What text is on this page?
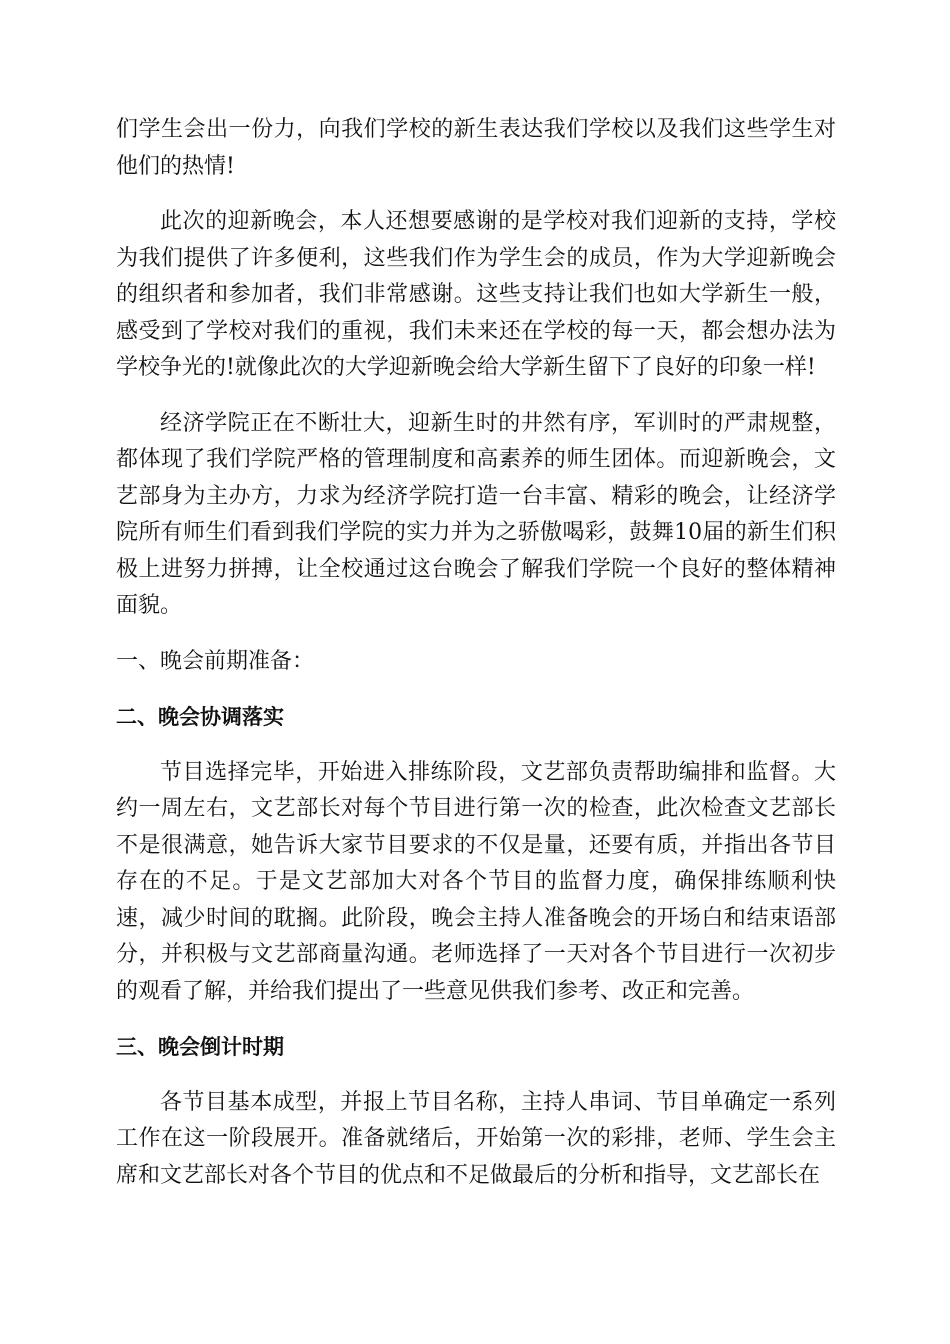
们学生会出一份力，向我们学校的新生表达我们学校以及我们这些学生对他们的热情!

此次的迎新晚会，本人还想要感谢的是学校对我们迎新的支持，学校为我们提供了许多便利，这些我们作为学生会的成员，作为大学迎新晚会的组织者和参加者，我们非常感谢。这些支持让我们也如大学新生一般，感受到了学校对我们的重视，我们未来还在学校的每一天，都会想办法为学校争光的!就像此次的大学迎新晚会给大学新生留下了良好的印象一样!

经济学院正在不断壮大，迎新生时的井然有序，军训时的严肃规整，都体现了我们学院严格的管理制度和高素养的师生团体。而迎新晚会，文艺部身为主办方，力求为经济学院打造一台丰富、精彩的晚会，让经济学院所有师生们看到我们学院的实力并为之骄傲喝彩，鼓舞10届的新生们积极上进努力拼搏，让全校通过这台晚会了解我们学院一个良好的整体精神面貌。

一、晚会前期准备：

二、晚会协调落实

节目选择完毕，开始进入排练阶段，文艺部负责帮助编排和监督。大约一周左右，文艺部长对每个节目进行第一次的检查，此次检查文艺部长不是很满意，她告诉大家节目要求的不仅是量，还要有质，并指出各节目存在的不足。于是文艺部加大对各个节目的监督力度，确保排练顺利快速，减少时间的耽搁。此阶段，晚会主持人准备晚会的开场白和结束语部分，并积极与文艺部商量沟通。老师选择了一天对各个节目进行一次初步的观看了解，并给我们提出了一些意见供我们参考、改正和完善。

三、晚会倒计时期

各节目基本成型，并报上节目名称，主持人串词、节目单确定一系列工作在这一阶段展开。准备就绪后，开始第一次的彩排，老师、学生会主席和文艺部长对各个节目的优点和不足做最后的分析和指导，文艺部长在
